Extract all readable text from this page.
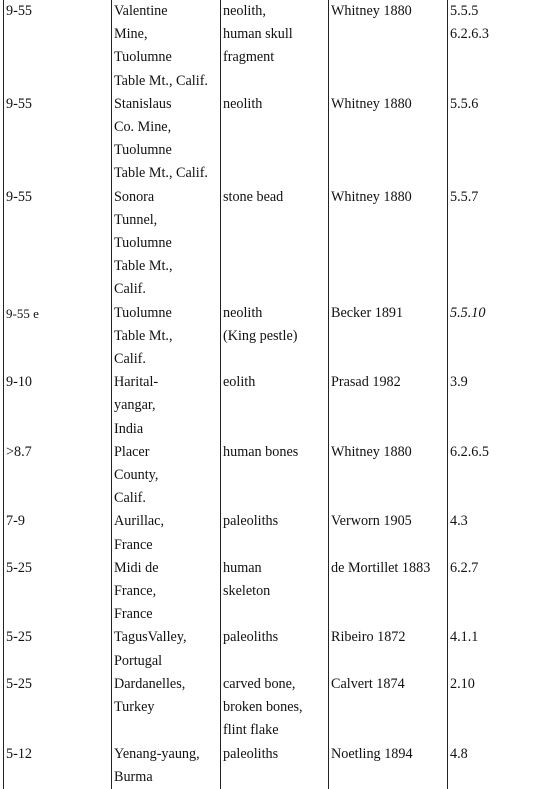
9-55	Valentine
Mine,
Tuolumne
Table Mt., Calif.	neolith,
human skull
fragment	Whitney 1880	5.5.5
6.2.6.3

9-55	Stanislaus
Co. Mine,
Tuolumne
Table Mt., Calif.	neolith	Whitney 1880	5.5.6

9-55	Sonora
Tunnel,
Tuolumne
Table Mt.,
Calif.	stone bead	Whitney 1880	5.5.7

9-55 e	Tuolumne
Table Mt.,
Calif.	neolith
(King pestle)	Becker 1891	5.5.10

9-10	Harital-
yangar,
India	eolith	Prasad 1982	3.9

>8.7	Placer
County,
Calif.	human bones	Whitney 1880	6.2.6.5

7-9	Aurillac,
France	paleoliths	Verworn 1905	4.3

5-25	Midi de
France,
France	human
skeleton	de Mortillet 1883	6.2.7

5-25	TagusValley,
Portugal	paleoliths	Ribeiro 1872	4.1.1

5-25	Dardanelles,
Turkey	carved bone,
broken bones,
flint flake	Calvert 1874	2.10

5-12	Yenang-yaung,
Burma	paleoliths	Noetling 1894	4.8
